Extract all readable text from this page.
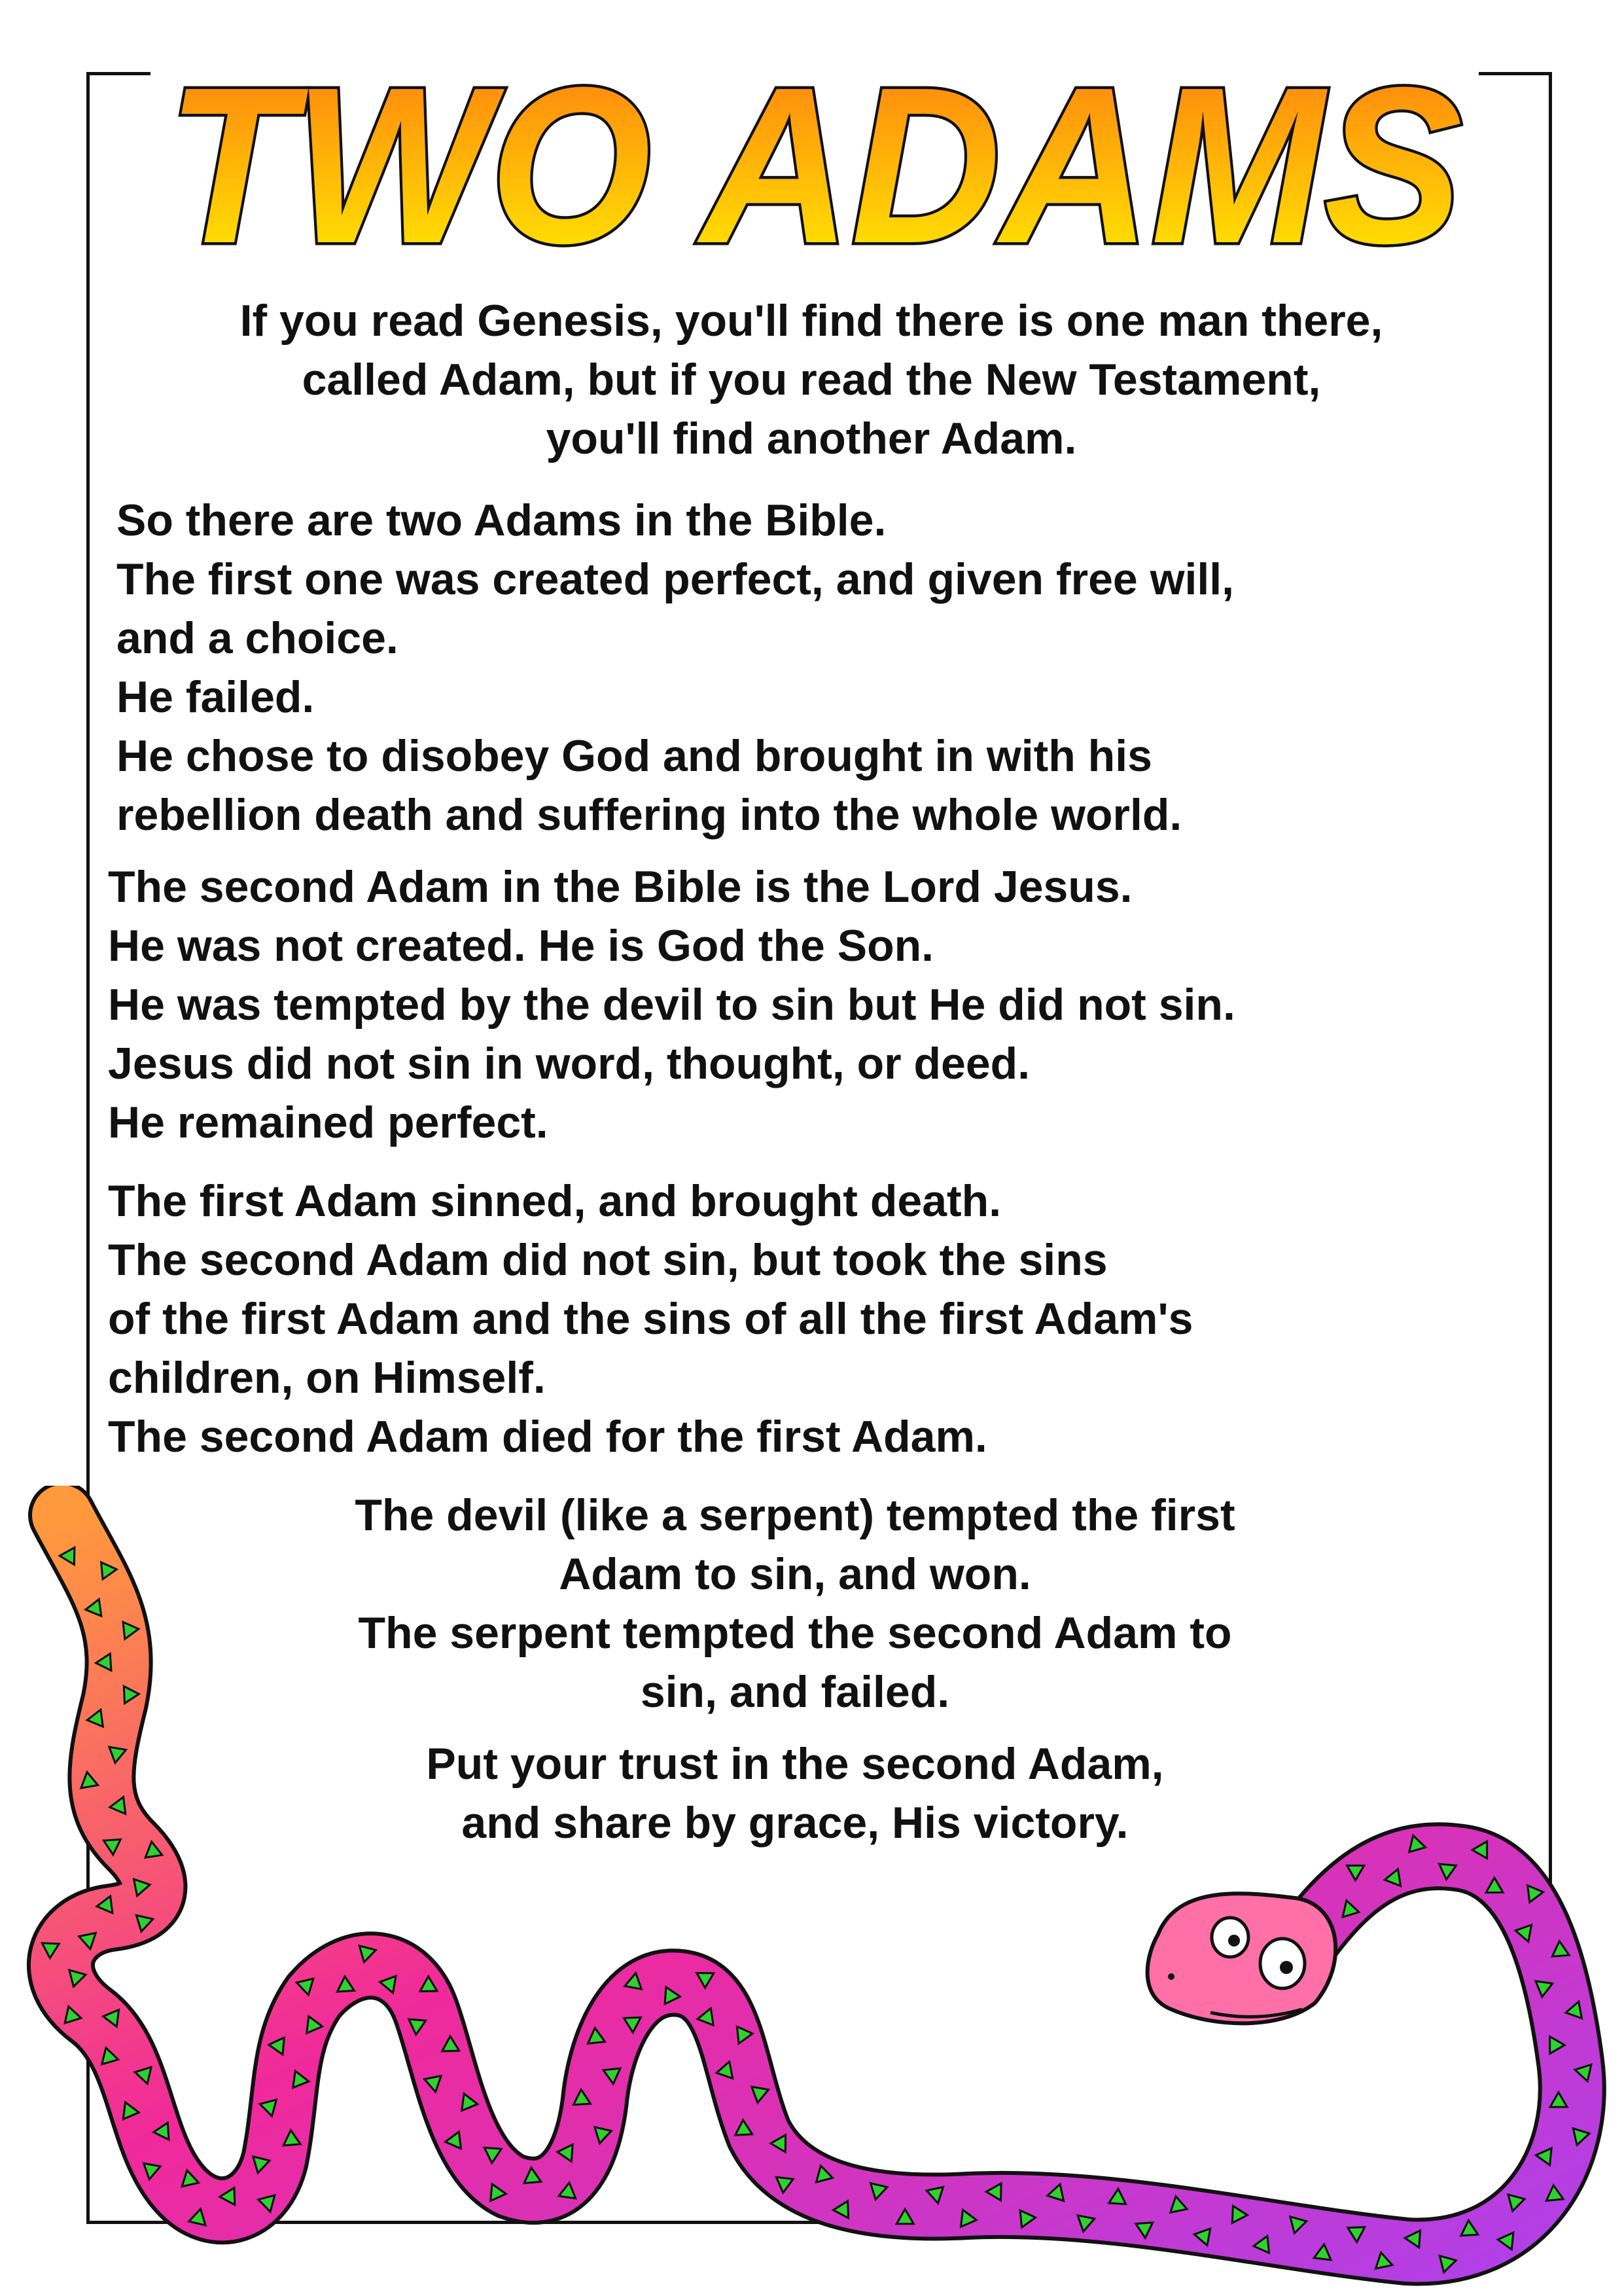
TWO ADAMS
If you read Genesis, you'll find there is one man there,
called Adam, but if you read the New Testament,
you'll find another Adam.
So there are two Adams in the Bible.
The first one was created perfect, and given free will,
and a choice.
He failed.
He chose to disobey God and brought in with his
rebellion death and suffering into the whole world.
The second Adam in the Bible is the Lord Jesus.
He was not created. He is God the Son.
He was tempted by the devil to sin but He did not sin.
Jesus did not sin in word, thought, or deed.
He remained perfect.
The first Adam sinned, and brought death.
The second Adam did not sin, but took the sins
of the first Adam and the sins of all the first Adam's
children, on Himself.
The second Adam died for the first Adam.
The devil (like a serpent) tempted the first
Adam to sin, and won.
The serpent tempted the second Adam to
sin, and failed.
Put your trust in the second Adam,
and share by grace, His victory.
